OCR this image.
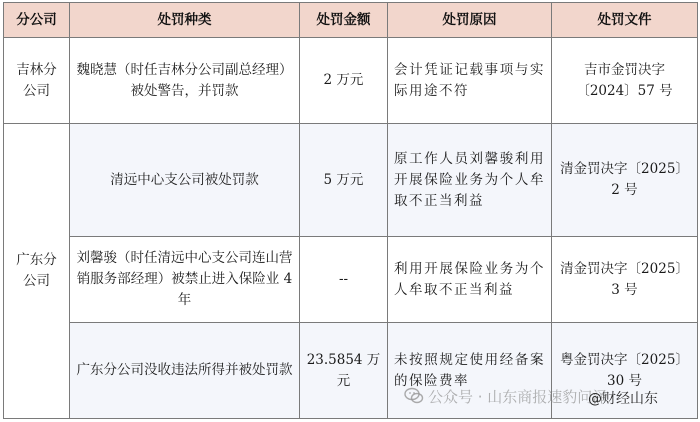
分公司	处罚种类	处罚金额	处罚原因	处罚文件
吉林分公司	魏晓慧（时任吉林分公司副总经理）被处警告，并罚款	2 万元	会计凭证记载事项与实际用途不符	吉市金罚决字〔2024〕57 号
广东分公司	清远中心支公司被处罚款	5 万元	原工作人员刘馨骏利用开展保险业务为个人牟取不正当利益	清金罚决字〔2025〕2 号
	刘馨骏（时任清远中心支公司连山营销服务部经理）被禁止进入保险业 4 年	--	利用开展保险业务为个人牟取不正当利益	清金罚决字〔2025〕3 号
	广东分公司没收违法所得并被处罚款	23.5854 万元	未按照规定使用经备案的保险费率	粤金罚决字〔2025〕30 号
公众号 · 山东商报速豹问泽
@财经山东
